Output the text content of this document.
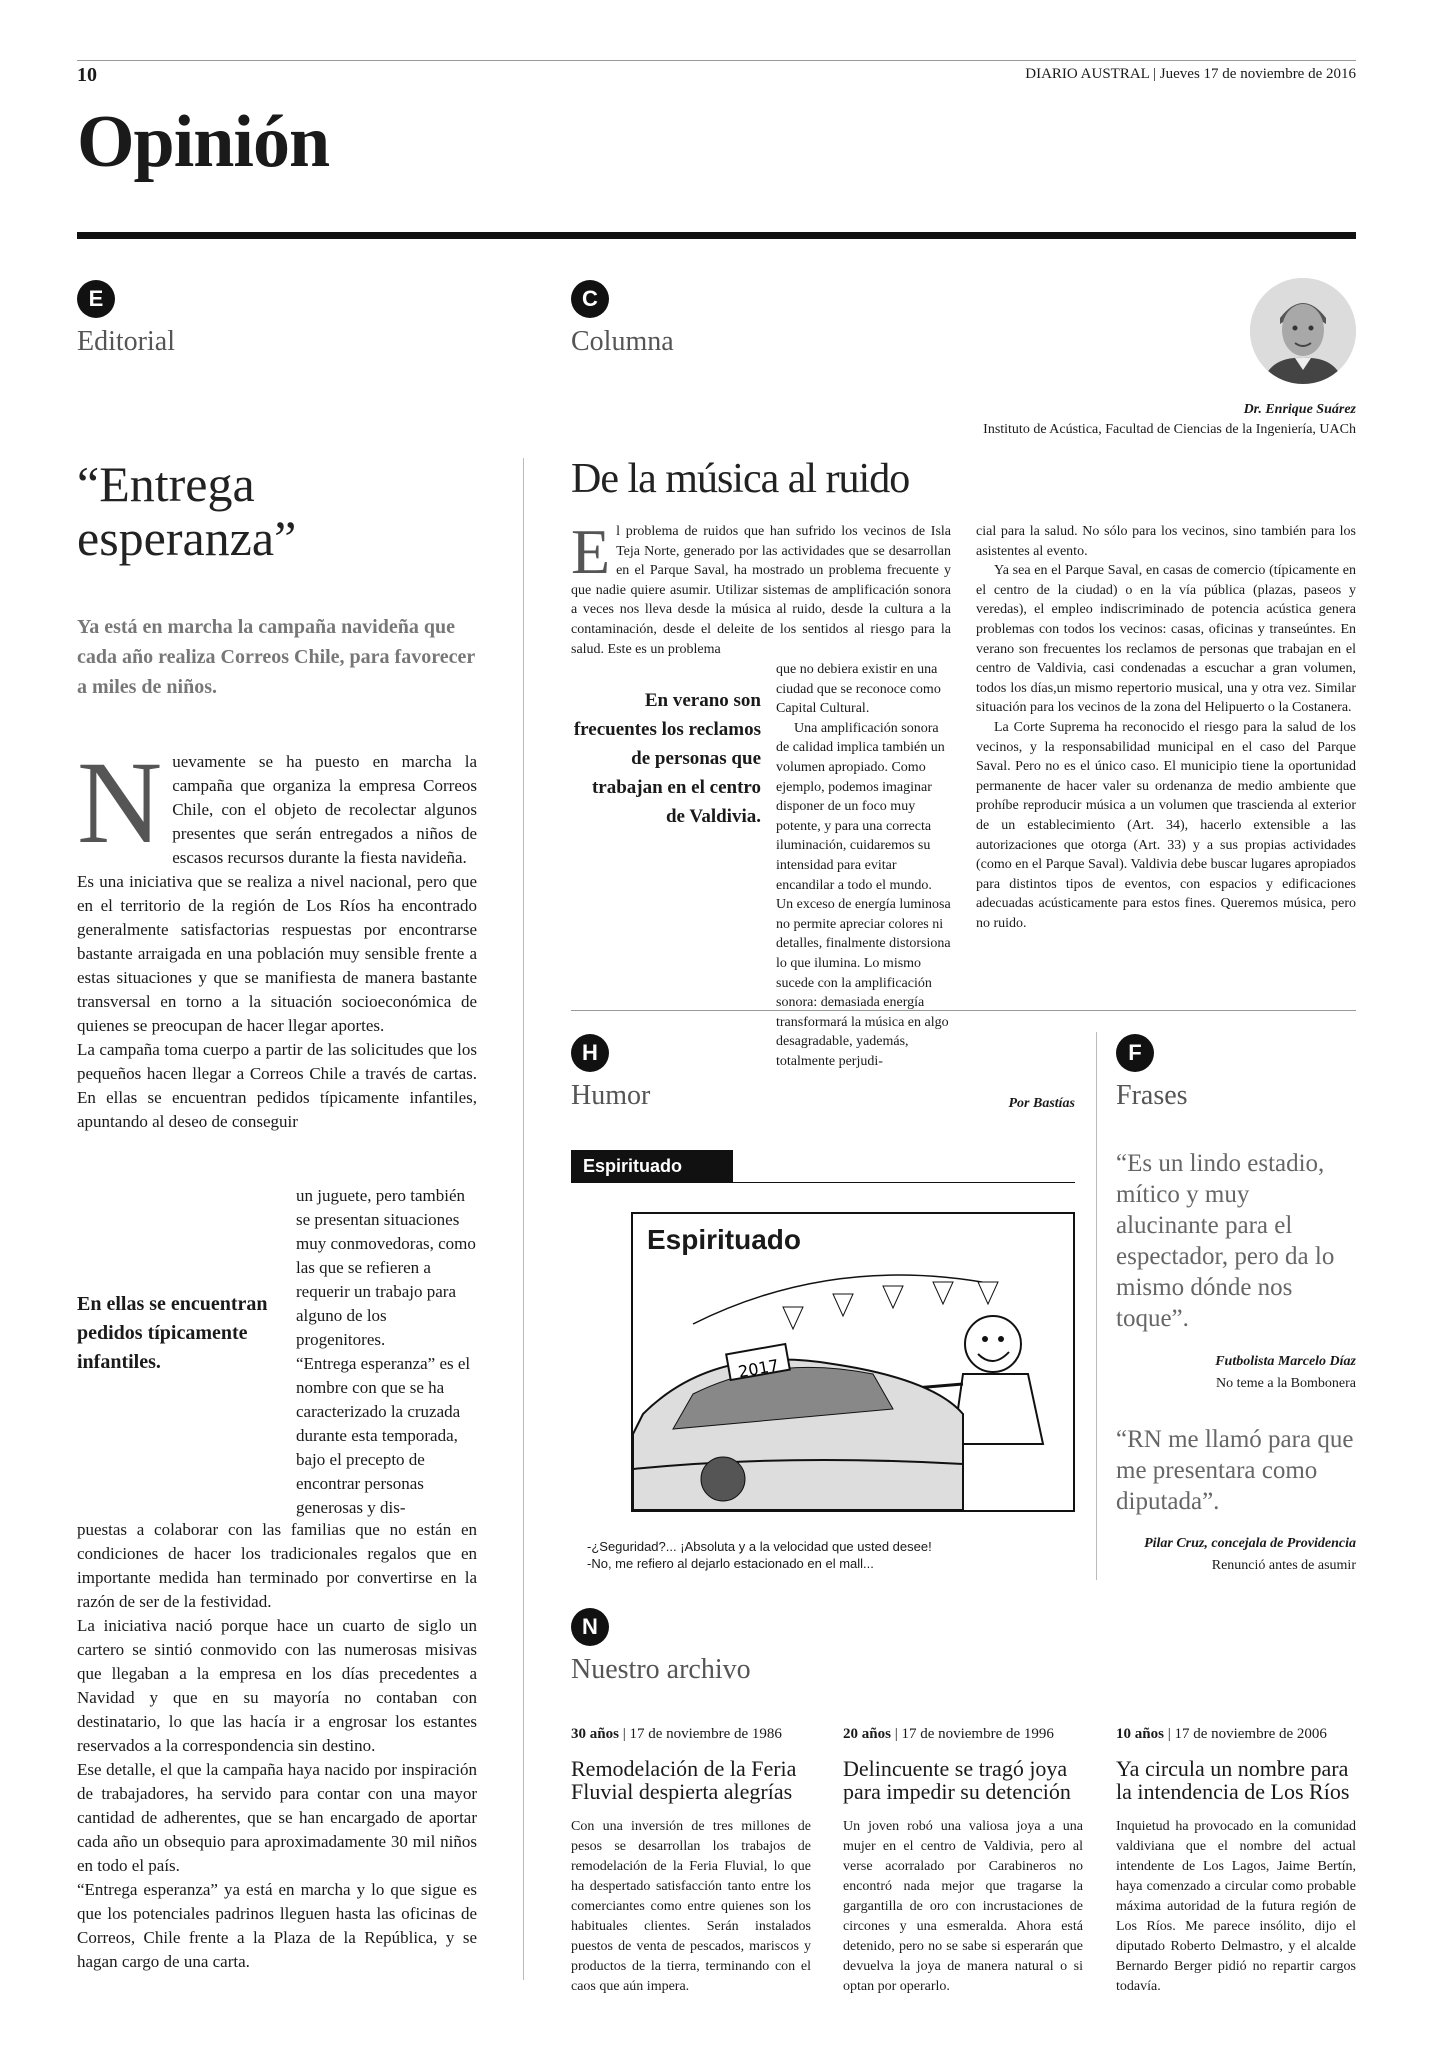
10	DIARIO AUSTRAL | Jueves 17 de noviembre de 2016
Opinión
E
Editorial
“Entrega esperanza”
Ya está en marcha la campaña navideña que cada año realiza Correos Chile, para favorecer a miles de niños.

Nuevamente se ha puesto en marcha la campaña que organiza la empresa Correos Chile, con el objeto de recolectar algunos presentes que serán entregados a niños de escasos recursos durante la fiesta navideña.

Es una iniciativa que se realiza a nivel nacional, pero que en el territorio de la región de Los Ríos ha encontrado generalmente satisfactorias respuestas por encontrarse bastante arraigada en una población muy sensible frente a estas situaciones y que se manifiesta de manera bastante transversal en torno a la situación socioeconómica de quienes se preocupan de hacer llegar aportes.

La campaña toma cuerpo a partir de las solicitudes que los pequeños hacen llegar a Correos Chile a través de cartas. En ellas se encuentran pedidos típicamente infantiles, apuntando al deseo de conseguir

un juguete, pero también se presentan situaciones muy conmovedoras, como las que se refieren a requerir un trabajo para alguno de los progenitores.

“Entrega esperanza” es el nombre con que se ha caracterizado la cruzada durante esta temporada, bajo el precepto de encontrar personas generosas y dis-

En ellas se encuentran pedidos típicamente infantiles.

puestas a colaborar con las familias que no están en condiciones de hacer los tradicionales regalos que en importante medida han terminado por convertirse en la razón de ser de la festividad.

La iniciativa nació porque hace un cuarto de siglo un cartero se sintió conmovido con las numerosas misivas que llegaban a la empresa en los días precedentes a Navidad y que en su mayoría no contaban con destinatario, lo que las hacía ir a engrosar los estantes reservados a la correspondencia sin destino.

Ese detalle, el que la campaña haya nacido por inspiración de trabajadores, ha servido para contar con una mayor cantidad de adherentes, que se han encargado de aportar cada año un obsequio para aproximadamente 30 mil niños en todo el país.

“Entrega esperanza” ya está en marcha y lo que sigue es que los potenciales padrinos lleguen hasta las oficinas de Correos, Chile frente a la Plaza de la República, y se hagan cargo de una carta.

C
Columna
Dr. Enrique Suárez
Instituto de Acústica, Facultad de Ciencias de la Ingeniería, UACh
De la música al ruido

El problema de ruidos que han sufrido los vecinos de Isla Teja Norte, generado por las actividades que se desarrollan en el Parque Saval, ha mostrado un problema frecuente y que nadie quiere asumir. Utilizar sistemas de amplificación sonora a veces nos lleva desde la música al ruido, desde la cultura a la contaminación, desde el deleite de los sentidos al riesgo para la salud. Este es un problema

que no debiera existir en una ciudad que se reconoce como Capital Cultural.

Una amplificación sonora de calidad implica también un volumen apropiado. Como ejemplo, podemos imaginar disponer de un foco muy potente, y para una correcta iluminación, cuidaremos su intensidad para evitar encandilar a todo el mundo. Un exceso de energía luminosa no permite apreciar colores ni detalles, finalmente distorsiona lo que ilumina. Lo mismo sucede con la amplificación sonora: demasiada energía transformará la música en algo desagradable, yademás, totalmente perjudi-

En verano son frecuentes los reclamos de personas que trabajan en el centro de Valdivia.

cial para la salud. No sólo para los vecinos, sino también para los asistentes al evento.

Ya sea en el Parque Saval, en casas de comercio (típicamente en el centro de la ciudad) o en la vía pública (plazas, paseos y veredas), el empleo indiscriminado de potencia acústica genera problemas con todos los vecinos: casas, oficinas y transeúntes. En verano son frecuentes los reclamos de personas que trabajan en el centro de Valdivia, casi condenadas a escuchar a gran volumen, todos los días,un mismo repertorio musical, una y otra vez. Similar situación para los vecinos de la zona del Helipuerto o la Costanera.

La Corte Suprema ha reconocido el riesgo para la salud de los vecinos, y la responsabilidad municipal en el caso del Parque Saval. Pero no es el único caso. El municipio tiene la oportunidad permanente de hacer valer su ordenanza de medio ambiente que prohíbe reproducir música a un volumen que trascienda al exterior de un establecimiento (Art. 34), hacerlo extensible a las autorizaciones que otorga (Art. 33) y a sus propias actividades (como en el Parque Saval). Valdivia debe buscar lugares apropiados para distintos tipos de eventos, con espacios y edificaciones adecuadas acústicamente para estos fines. Queremos música, pero no ruido.

H
Humor	Por Bastías
Espirituado
Espirituado
2017
-¿Seguridad?... ¡Absoluta y a la velocidad que usted desee!
-No, me refiero al dejarlo estacionado en el mall...
F
Frases
“Es un lindo estadio, mítico y muy alucinante para el espectador, pero da lo mismo dónde nos toque”.
Futbolista Marcelo Díaz
No teme a la Bombonera
“RN me llamó para que me presentara como diputada”.
Pilar Cruz, concejala de Providencia
Renunció antes de asumir
N
Nuestro archivo
30 años | 17 de noviembre de 1986
Remodelación de la Feria Fluvial despierta alegrías
Con una inversión de tres millones de pesos se desarrollan los trabajos de remodelación de la Feria Fluvial, lo que ha despertado satisfacción tanto entre los comerciantes como entre quienes son los habituales clientes. Serán instalados puestos de venta de pescados, mariscos y productos de la tierra, terminando con el caos que aún impera.
20 años | 17 de noviembre de 1996
Delincuente se tragó joya para impedir su detención
Un joven robó una valiosa joya a una mujer en el centro de Valdivia, pero al verse acorralado por Carabineros no encontró nada mejor que tragarse la gargantilla de oro con incrustaciones de circones y una esmeralda. Ahora está detenido, pero no se sabe si esperarán que devuelva la joya de manera natural o si optan por operarlo.
10 años | 17 de noviembre de 2006
Ya circula un nombre para la intendencia de Los Ríos
Inquietud ha provocado en la comunidad valdiviana que el nombre del actual intendente de Los Lagos, Jaime Bertín, haya comenzado a circular como probable máxima autoridad de la futura región de Los Ríos. Me parece insólito, dijo el diputado Roberto Delmastro, y el alcalde Bernardo Berger pidió no repartir cargos todavía.
